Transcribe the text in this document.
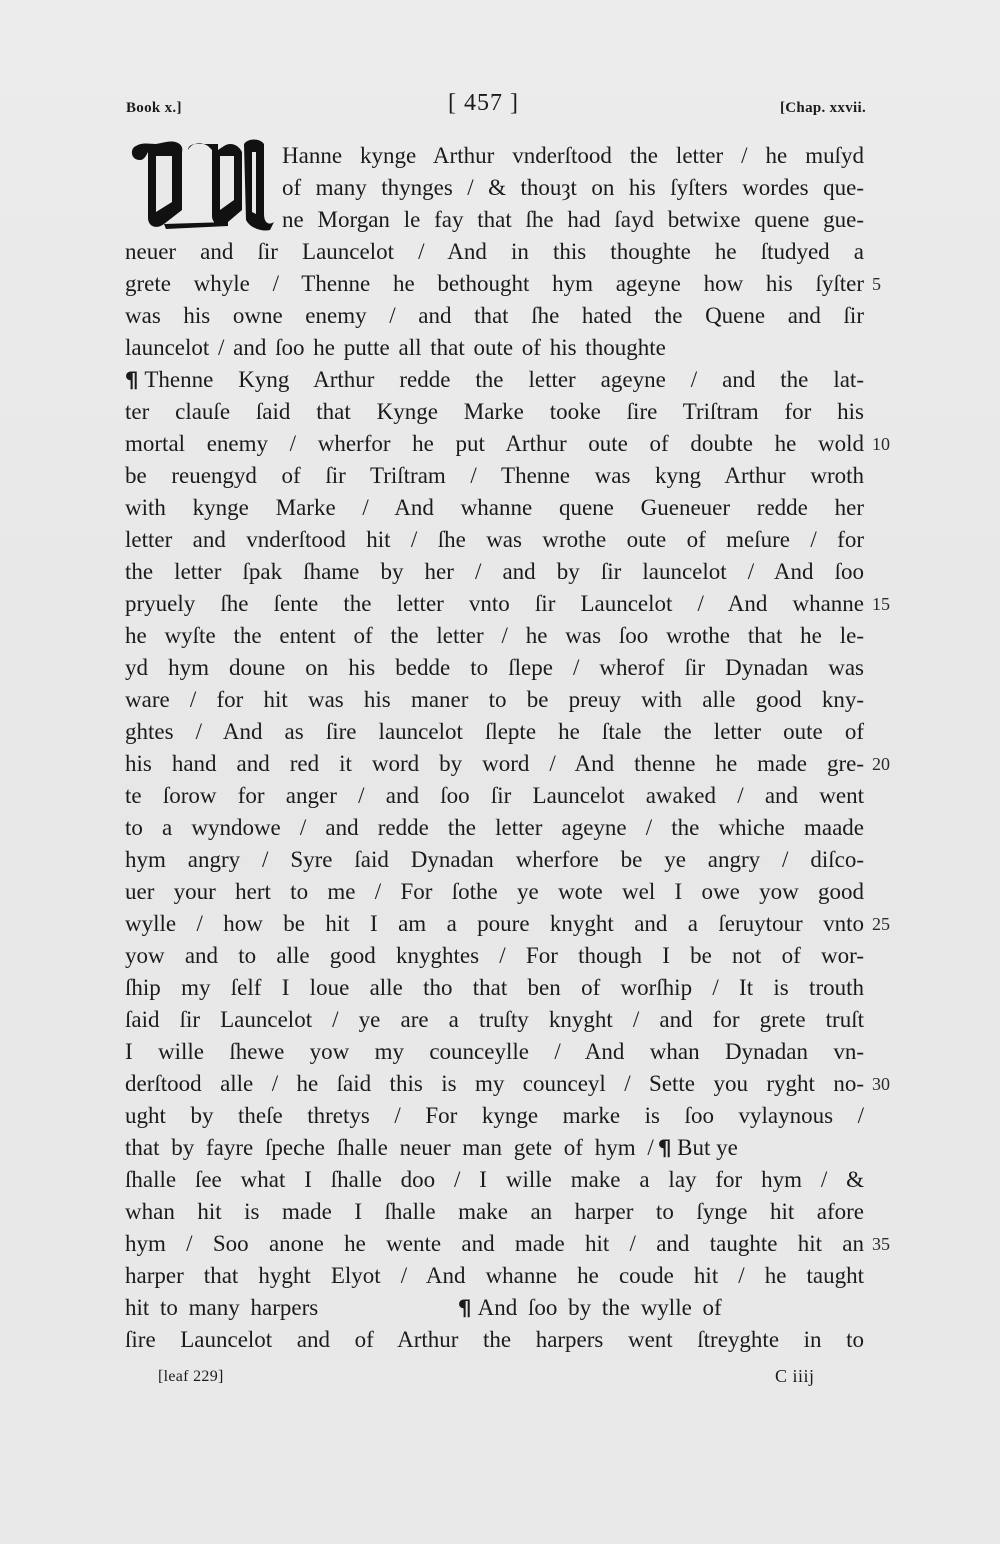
Book x.]	[ 457 ]	[Chap. xxvii.
Hanne kynge Arthur vnderſtood the letter / he muſyd
of many thynges / & thouȝt on his ſyſters wordes que-
ne Morgan le fay that ſhe had ſayd betwixe quene gue-
neuer and ſir Launcelot / And in this thoughte he ſtudyed a
grete whyle / Thenne he bethought hym ageyne how his ſyſter
was his owne enemy / and that ſhe hated the Quene and ſir
launcelot / and ſoo he putte all that oute of his thoughte
¶ Thenne Kyng Arthur redde the letter ageyne / and the lat-
ter clauſe ſaid that Kynge Marke tooke ſire Triſtram for his
mortal enemy / wherfor he put Arthur oute of doubte he wold
be reuengyd of ſir Triſtram / Thenne was kyng Arthur wroth
with kynge Marke / And whanne quene Gueneuer redde her
letter and vnderſtood hit / ſhe was wrothe oute of meſure / for
the letter ſpak ſhame by her / and by ſir launcelot / And ſoo
pryuely ſhe ſente the letter vnto ſir Launcelot / And whanne
he wyſte the entent of the letter / he was ſoo wrothe that he le-
yd hym doune on his bedde to ſlepe / wherof ſir Dynadan was
ware / for hit was his maner to be preuy with alle good kny-
ghtes / And as ſire launcelot ſlepte he ſtale the letter oute of
his hand and red it word by word / And thenne he made gre-
te ſorow for anger / and ſoo ſir Launcelot awaked / and went
to a wyndowe / and redde the letter ageyne / the whiche maade
hym angry / Syre ſaid Dynadan wherfore be ye angry / diſco-
uer your hert to me / For ſothe ye wote wel I owe yow good
wylle / how be hit I am a poure knyght and a ſeruytour vnto
yow and to alle good knyghtes / For though I be not of wor-
ſhip my ſelf I loue alle tho that ben of worſhip / It is trouth
ſaid ſir Launcelot / ye are a truſty knyght / and for grete truſt
I wille ſhewe yow my counceylle / And whan Dynadan vn-
derſtood alle / he ſaid this is my counceyl / Sette you ryght no-
ught by theſe thretys / For kynge marke is ſoo vylaynous /
that by fayre ſpeche ſhalle neuer man gete of hym / ¶ But ye
ſhalle ſee what I ſhalle doo / I wille make a lay for hym / &
whan hit is made I ſhalle make an harper to ſynge hit afore
hym / Soo anone he wente and made hit / and taughte hit an
harper that hyght Elyot / And whanne he coude hit / he taught
hit to many harpers	¶ And ſoo by the wylle of
ſire Launcelot and of Arthur the harpers went ſtreyghte in to
5
10
15
20
25
30
35
[leaf 229]	C iiij
